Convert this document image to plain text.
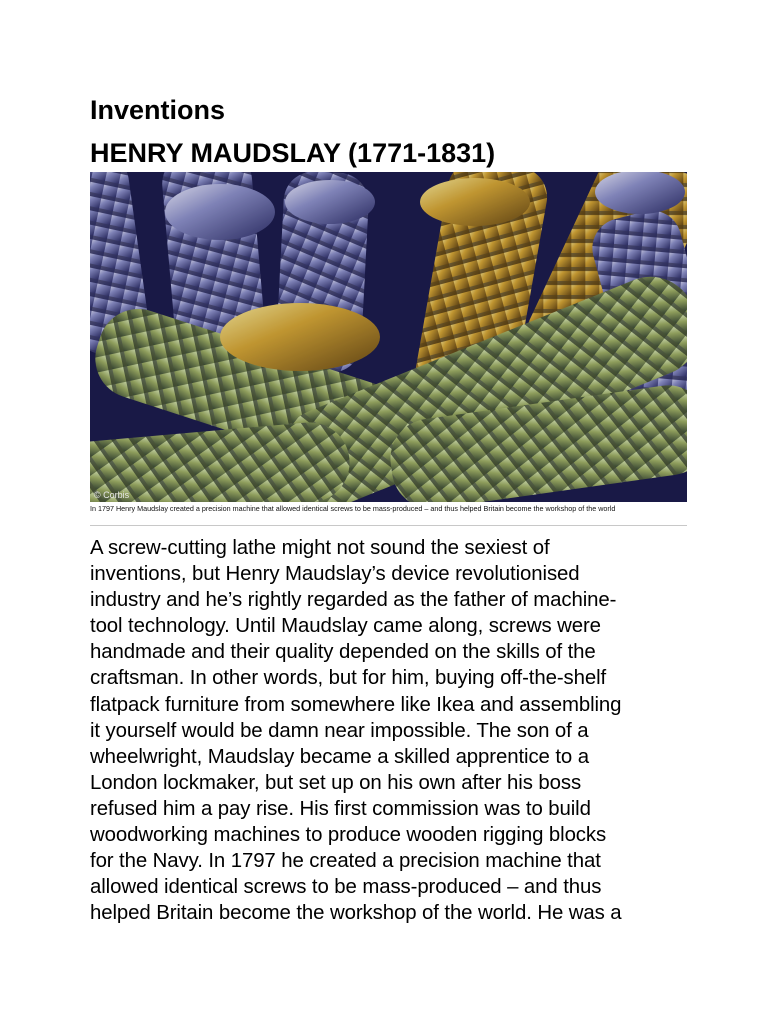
Inventions
HENRY MAUDSLAY (1771-1831)
© Corbis
In 1797 Henry Maudslay created a precision machine that allowed identical screws to be mass-produced – and thus helped Britain become the workshop of the world
A screw-cutting lathe might not sound the sexiest of
inventions, but Henry Maudslay’s device revolutionised
industry and he’s rightly regarded as the father of machine-
tool technology. Until Maudslay came along, screws were
handmade and their quality depended on the skills of the
craftsman. In other words, but for him, buying off-the-shelf
flatpack furniture from somewhere like Ikea and assembling
it yourself would be damn near impossible. The son of a
wheelwright, Maudslay became a skilled apprentice to a
London lockmaker, but set up on his own after his boss
refused him a pay rise. His first commission was to build
woodworking machines to produce wooden rigging blocks
for the Navy. In 1797 he created a precision machine that
allowed identical screws to be mass-produced – and thus
helped Britain become the workshop of the world. He was a
